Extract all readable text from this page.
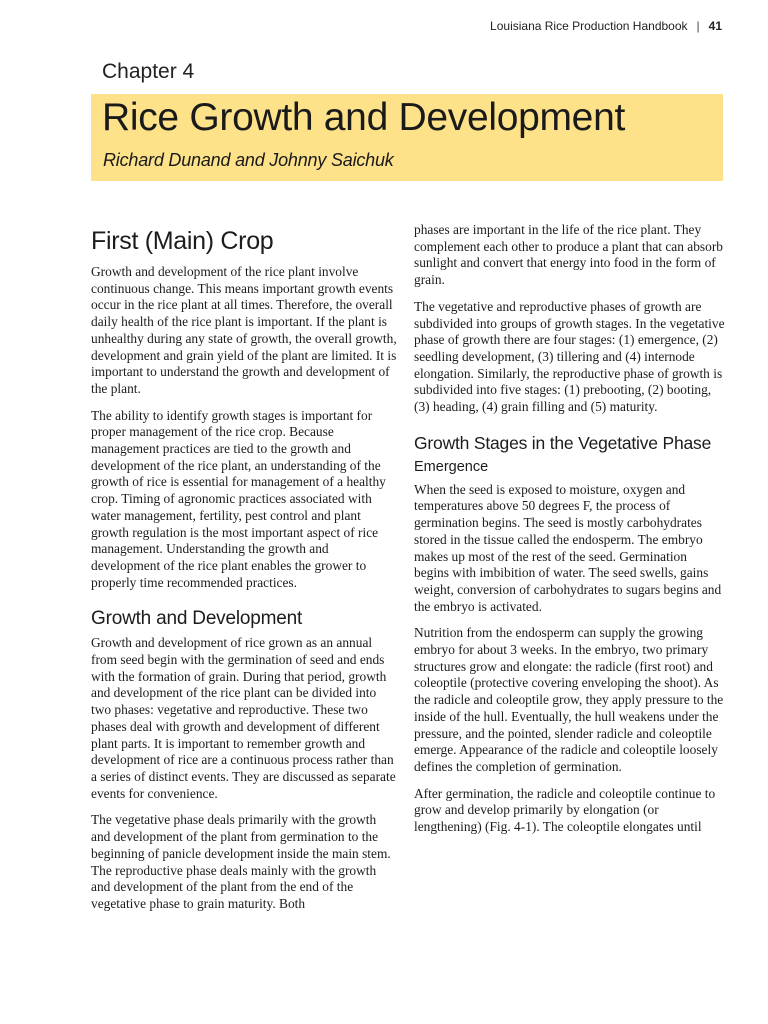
Louisiana Rice Production Handbook | 41
Chapter 4
Rice Growth and Development
Richard Dunand and Johnny Saichuk
First (Main) Crop

Growth and development of the rice plant involve continuous change. This means important growth events occur in the rice plant at all times. Therefore, the overall daily health of the rice plant is important. If the plant is unhealthy during any state of growth, the overall growth, development and grain yield of the plant are limited. It is important to understand the growth and development of the plant.

The ability to identify growth stages is important for proper management of the rice crop. Because management practices are tied to the growth and development of the rice plant, an understanding of the growth of rice is essential for management of a healthy crop. Timing of agronomic practices associated with water management, fertility, pest control and plant growth regulation is the most important aspect of rice management. Understanding the growth and development of the rice plant enables the grower to properly time recommended practices.

Growth and Development

Growth and development of rice grown as an annual from seed begin with the germination of seed and ends with the formation of grain. During that period, growth and development of the rice plant can be divided into two phases: vegetative and reproductive. These two phases deal with growth and development of different plant parts. It is important to remember growth and development of rice are a continuous process rather than a series of distinct events. They are discussed as separate events for convenience.

The vegetative phase deals primarily with the growth and development of the plant from germination to the beginning of panicle development inside the main stem. The reproductive phase deals mainly with the growth and development of the plant from the end of the vegetative phase to grain maturity. Both

phases are important in the life of the rice plant. They complement each other to produce a plant that can absorb sunlight and convert that energy into food in the form of grain.

The vegetative and reproductive phases of growth are subdivided into groups of growth stages. In the vegetative phase of growth there are four stages: (1) emergence, (2) seedling development, (3) tillering and (4) internode elongation. Similarly, the reproductive phase of growth is subdivided into five stages: (1) prebooting, (2) booting, (3) heading, (4) grain filling and (5) maturity.

Growth Stages in the Vegetative Phase
Emergence

When the seed is exposed to moisture, oxygen and temperatures above 50 degrees F, the process of germination begins. The seed is mostly carbohydrates stored in the tissue called the endosperm. The embryo makes up most of the rest of the seed. Germination begins with imbibition of water. The seed swells, gains weight, conversion of carbohydrates to sugars begins and the embryo is activated.

Nutrition from the endosperm can supply the growing embryo for about 3 weeks. In the embryo, two primary structures grow and elongate: the radicle (first root) and coleoptile (protective covering enveloping the shoot). As the radicle and coleoptile grow, they apply pressure to the inside of the hull. Eventually, the hull weakens under the pressure, and the pointed, slender radicle and coleoptile emerge. Appearance of the radicle and coleoptile loosely defines the completion of germination.

After germination, the radicle and coleoptile continue to grow and develop primarily by elongation (or lengthening) (Fig. 4-1). The coleoptile elongates until
